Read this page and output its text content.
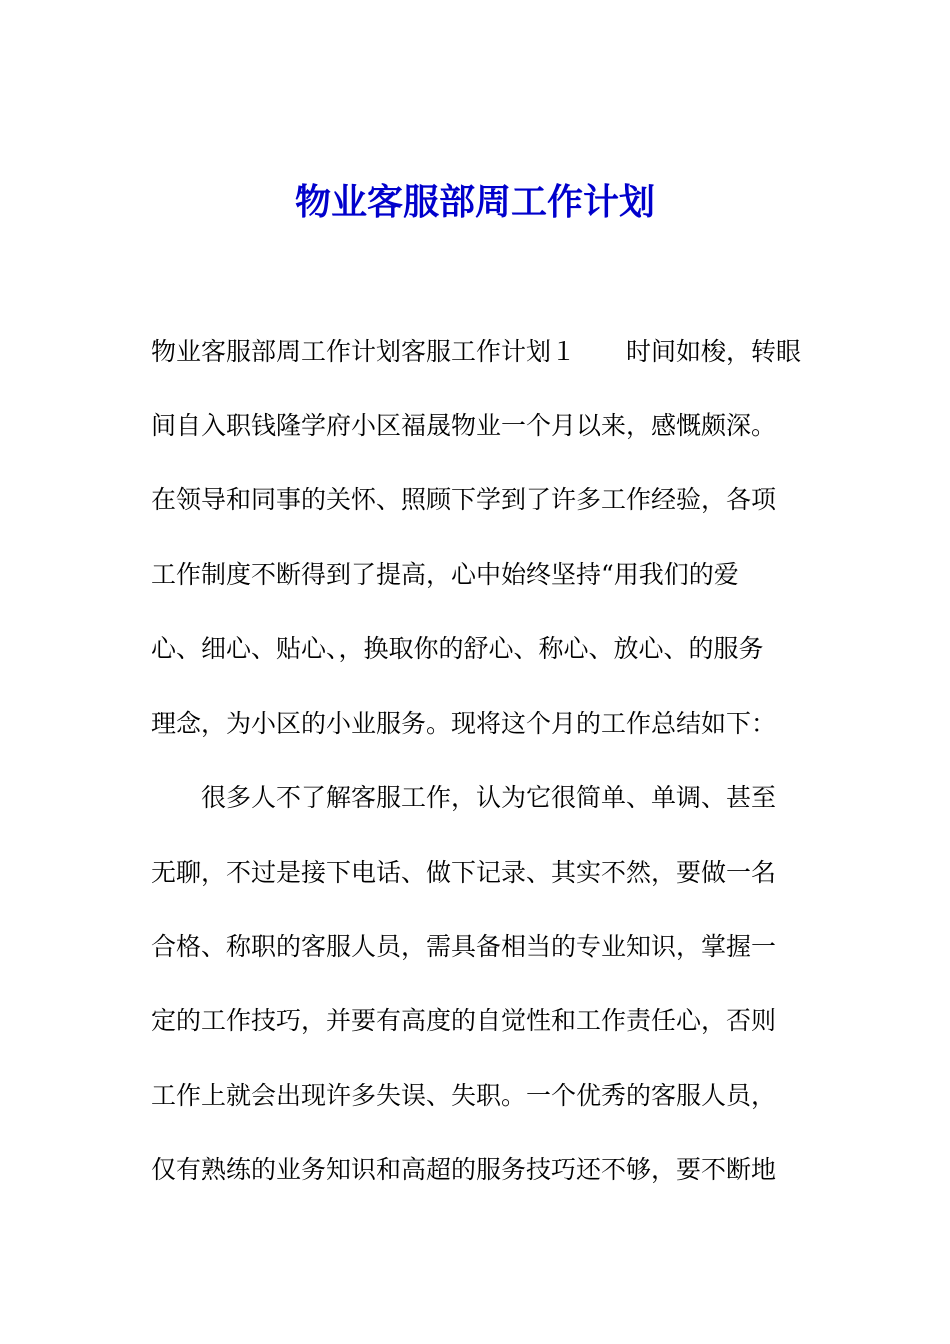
物业客服部周工作计划

物业客服部周工作计划客服工作计划１ 时间如梭，转眼

间自入职钱隆学府小区福晟物业一个月以来，感慨颇深。

在领导和同事的关怀、照顾下学到了许多工作经验，各项

工作制度不断得到了提高，心中始终坚持“用我们的爱

心、细心、贴心、，换取你的舒心、称心、放心、的服务

理念，为小区的小业服务。现将这个月的工作总结如下：

很多人不了解客服工作，认为它很简单、单调、甚至

无聊，不过是接下电话、做下记录、其实不然，要做一名

合格、称职的客服人员，需具备相当的专业知识，掌握一

定的工作技巧，并要有高度的自觉性和工作责任心，否则

工作上就会出现许多失误、失职。一个优秀的客服人员，

仅有熟练的业务知识和高超的服务技巧还不够，要不断地
